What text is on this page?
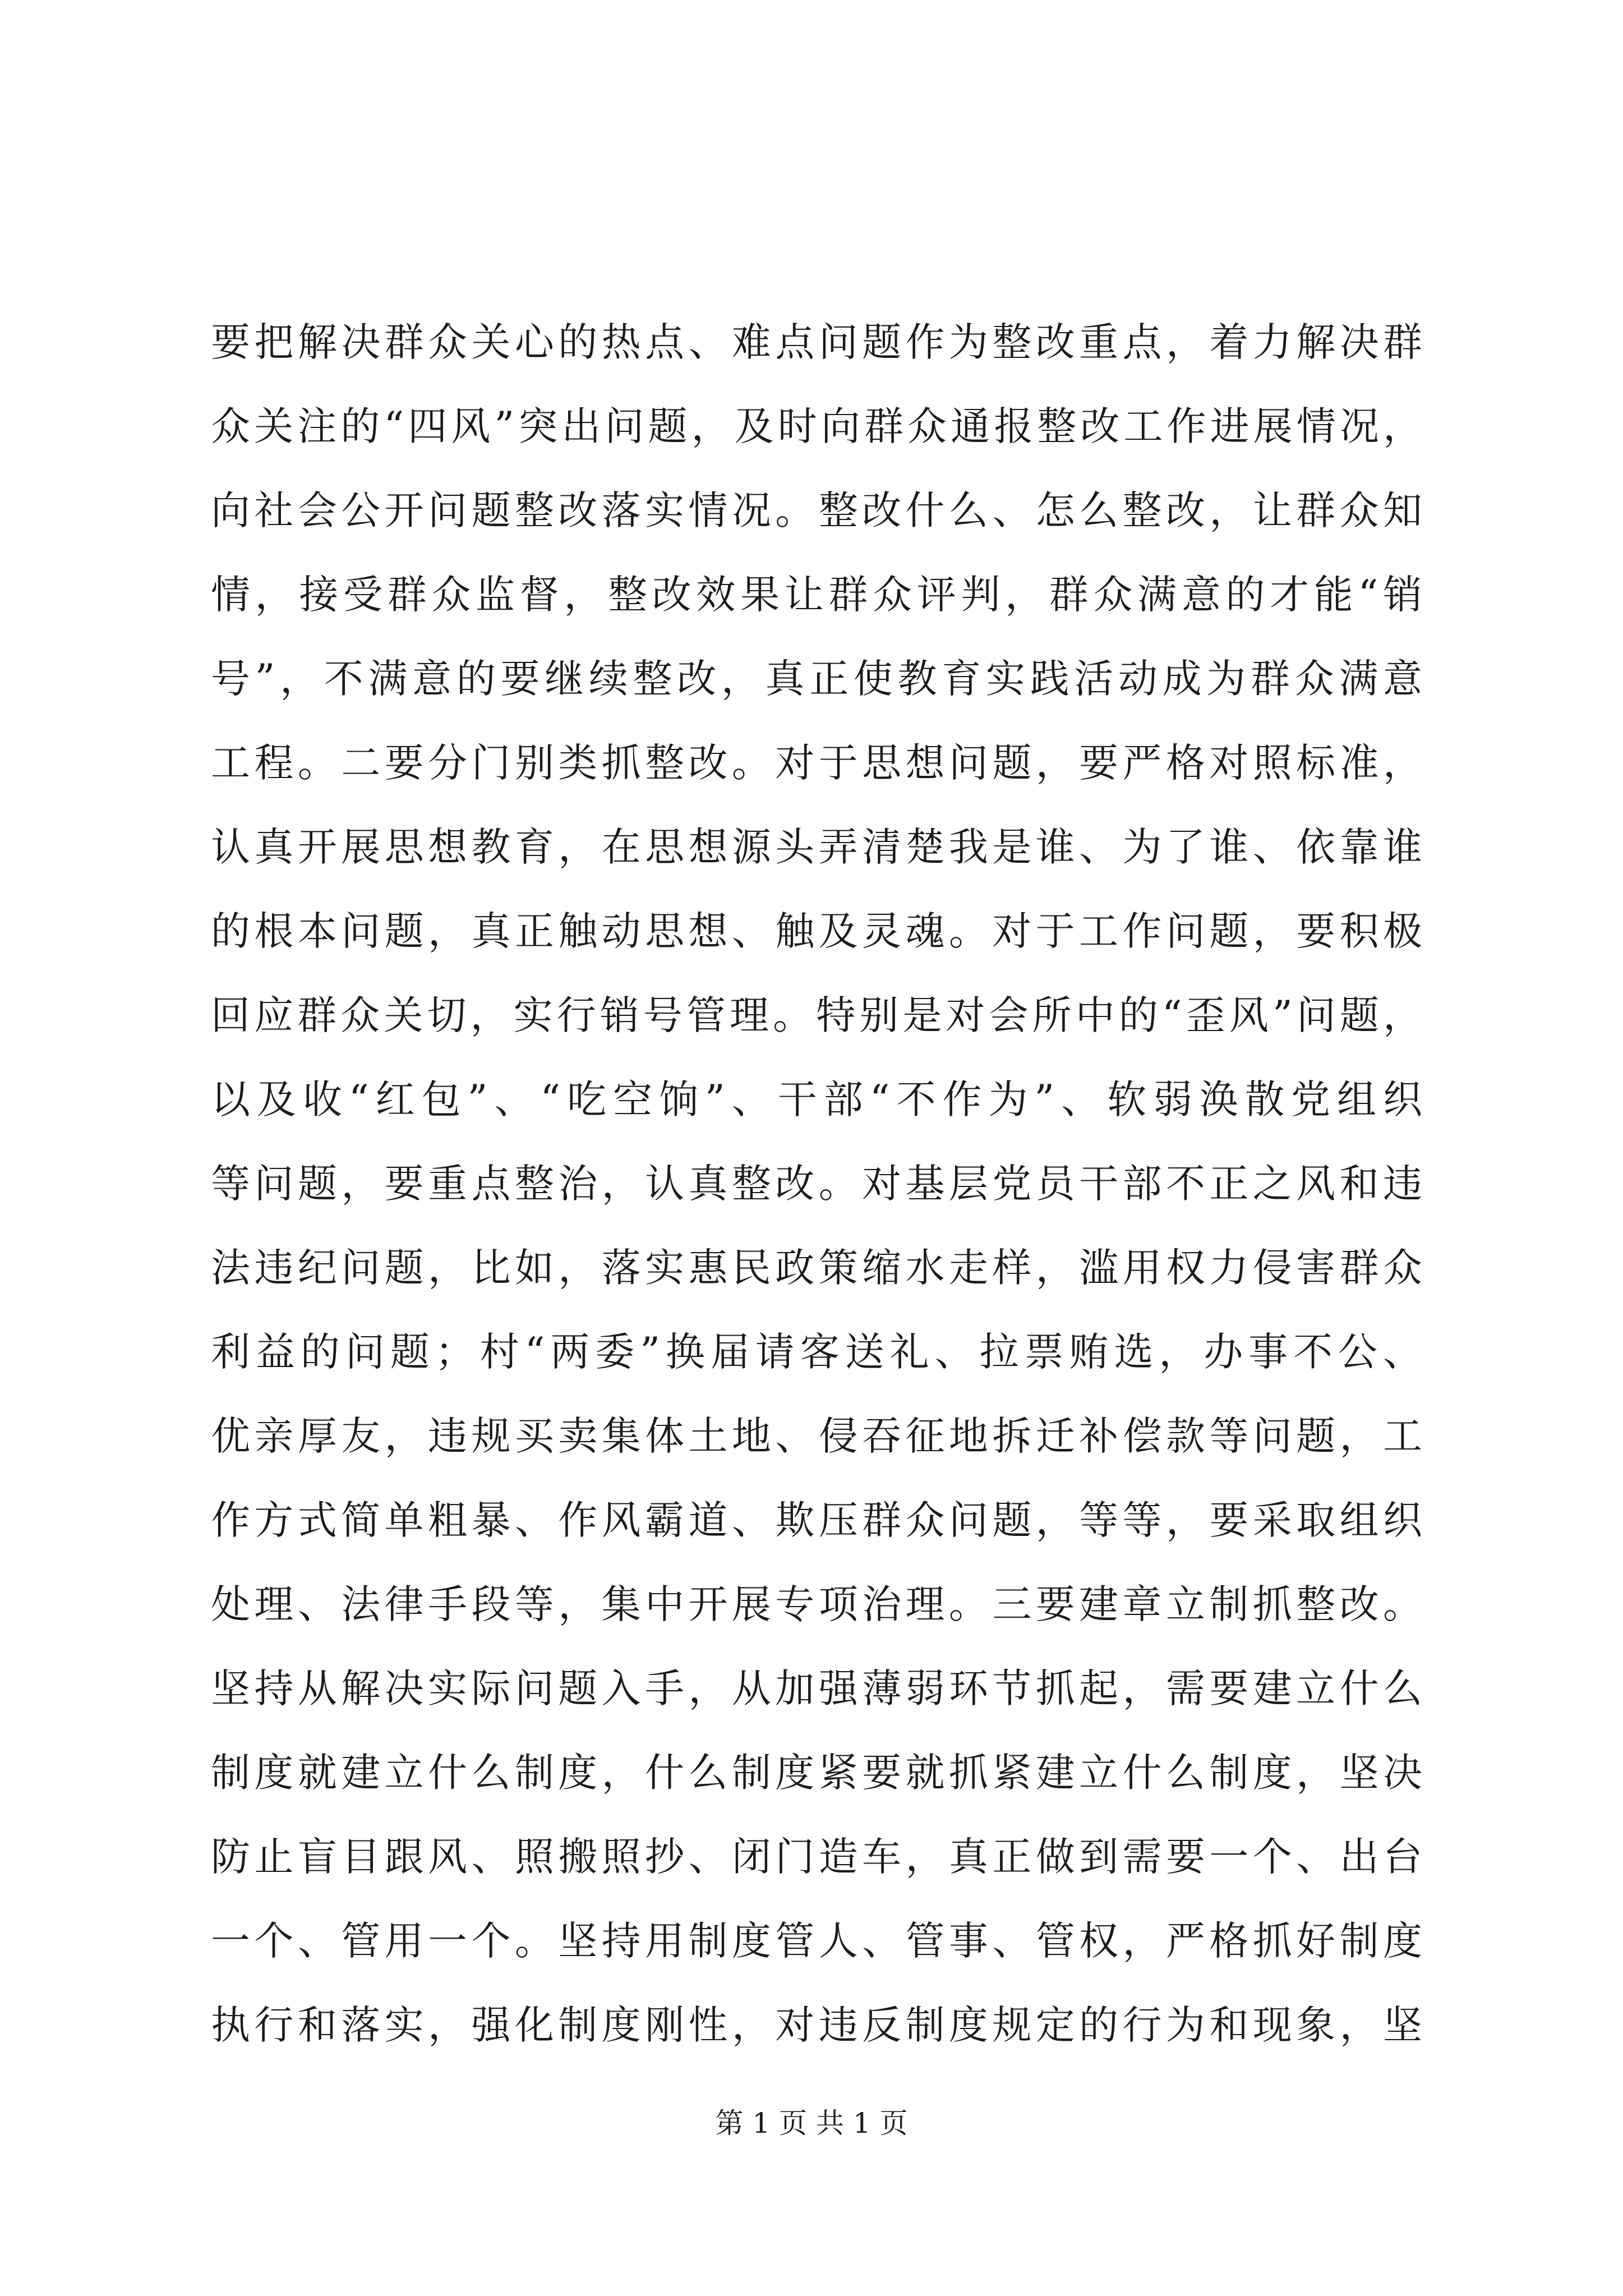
要把解决群众关心的热点、难点问题作为整改重点，着力解决群
众关注的“四风”突出问题，及时向群众通报整改工作进展情况，
向社会公开问题整改落实情况。整改什么、怎么整改，让群众知
情，接受群众监督，整改效果让群众评判，群众满意的才能“销
号”，不满意的要继续整改，真正使教育实践活动成为群众满意
工程。二要分门别类抓整改。对于思想问题，要严格对照标准，
认真开展思想教育，在思想源头弄清楚我是谁、为了谁、依靠谁
的根本问题，真正触动思想、触及灵魂。对于工作问题，要积极
回应群众关切，实行销号管理。特别是对会所中的“歪风”问题，
以及收“红包”、“吃空饷”、干部“不作为”、软弱涣散党组织
等问题，要重点整治，认真整改。对基层党员干部不正之风和违
法违纪问题，比如，落实惠民政策缩水走样，滥用权力侵害群众
利益的问题；村“两委”换届请客送礼、拉票贿选，办事不公、
优亲厚友，违规买卖集体土地、侵吞征地拆迁补偿款等问题，工
作方式简单粗暴、作风霸道、欺压群众问题，等等，要采取组织
处理、法律手段等，集中开展专项治理。三要建章立制抓整改。
坚持从解决实际问题入手，从加强薄弱环节抓起，需要建立什么
制度就建立什么制度，什么制度紧要就抓紧建立什么制度，坚决
防止盲目跟风、照搬照抄、闭门造车，真正做到需要一个、出台
一个、管用一个。坚持用制度管人、管事、管权，严格抓好制度
执行和落实，强化制度刚性，对违反制度规定的行为和现象，坚
第 1 页 共 1 页
